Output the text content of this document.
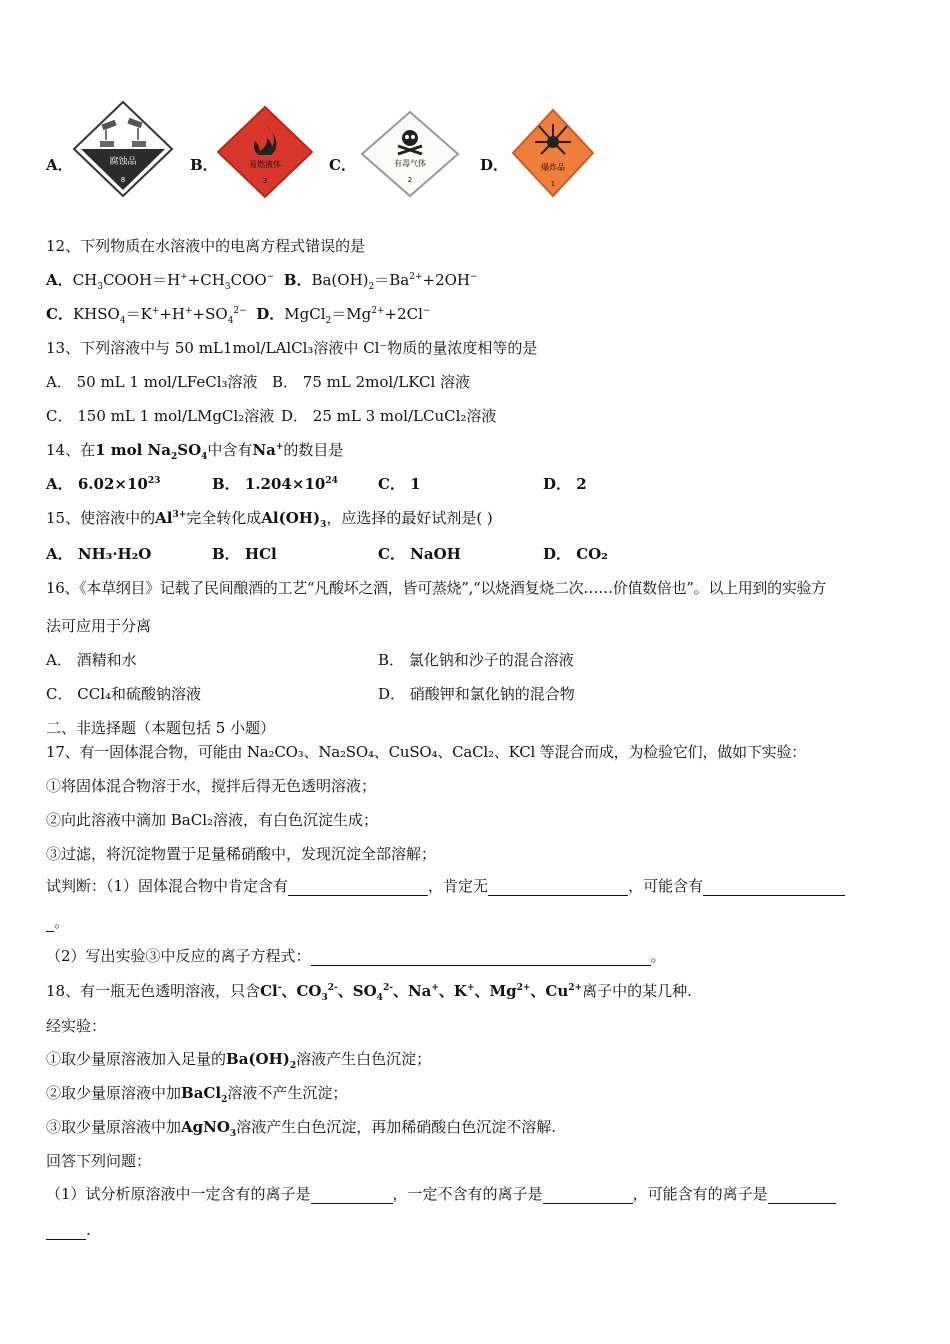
A．	腐蚀品
8
B．	易燃液体
3
C．	有毒气体
2
D．	爆炸品
1
12、下列物质在水溶液中的电离方程式错误的是
A．$CH_3COOH=H^++CH_3COO^-$ B．$Ba(OH)_2=Ba^{2+}+2OH^-$
C．$KHSO_4=K^++H^++SO_4^{2-}$ D．$MgCl_2=Mg^{2+}+2Cl^-$
13、下列溶液中与 50 mL1mol/LAlCl₃溶液中 Cl⁻物质的量浓度相等的是
A． 50 mL 1 mol/LFeCl₃溶液 B． 75 mL 2mol/LKCl 溶液
C． 150 mL 1 mol/LMgCl₂溶液 D． 25 mL 3 mol/LCuCl₂溶液
14、在1 mol $Na_2SO_4$中含有Na+的数目是
A． $6.02\times 10^{23}$	B． $1.204\times 10^{24}$	C． 1	D． 2
15、使溶液中的$Al^{3+}$完全转化成$Al(OH)_3$，应选择的最好试剂是( )
A． NH₃·H₂O	B． HCl	C． NaOH	D． CO₂
16、《本草纲目》记载了民间酿酒的工艺“凡酸坏之酒，皆可蒸烧”,“以烧酒复烧二次……价值数倍也”。以上用到的实验方
法可应用于分离
A． 酒精和水	B． 氯化钠和沙子的混合溶液
C． CCl₄和硫酸钠溶液	D． 硝酸钾和氯化钠的混合物
二、非选择题（本题包括 5 小题）
17、有一固体混合物，可能由 Na₂CO₃、Na₂SO₄、CuSO₄、CaCl₂、KCl 等混合而成，为检验它们，做如下实验：
①将固体混合物溶于水，搅拌后得无色透明溶液；
②向此溶液中滴加 BaCl₂溶液，有白色沉淀生成；
③过滤，将沉淀物置于足量稀硝酸中，发现沉淀全部溶解；
试判断：（1）固体混合物中肯定含有	，肯定无	，可能含有
。
（2）写出实验③中反应的离子方程式：	。
18、有一瓶无色透明溶液，只含Cl-、$CO_3^{2-}$、$SO_4^{2-}$、Na+、K+、$Mg^{2+}$、$Cu^{2+}$离子中的某几种.
经实验：
①取少量原溶液加入足量的$Ba(OH)_2$溶液产生白色沉淀；
②取少量原溶液中加BaCl$_2$溶液不产生沉淀；
③取少量原溶液中加AgNO$_3$溶液产生白色沉淀，再加稀硝酸白色沉淀不溶解.
回答下列问题：
（1）试分析原溶液中一定含有的离子是	，一定不含有的离子是	，可能含有的离子是
.
